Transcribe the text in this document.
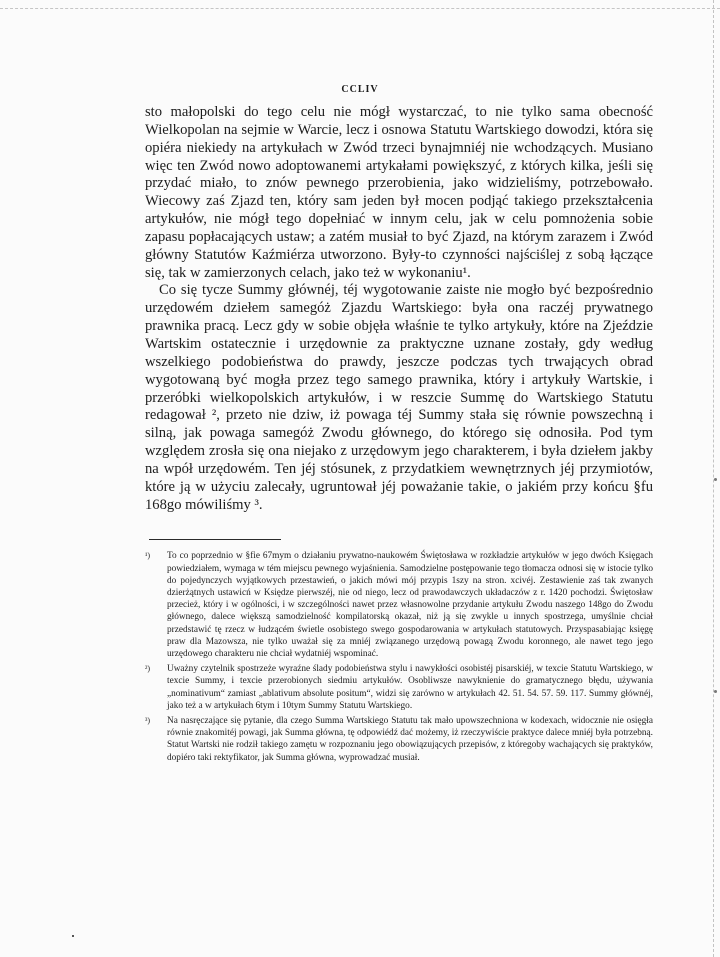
CCLIV

sto małopolski do tego celu nie mógł wystarczać, to nie tylko sama obecność Wielkopolan na sejmie w Warcie, lecz i osnowa Statutu Wartskiego dowodzi, która się opiéra niekiedy na artykułach w Zwód trzeci bynajmniéj nie wchodzących. Musiano więc ten Zwód nowo adoptowanemi artykałami powiększyć, z których kilka, jeśli się przydać miało, to znów pewnego przerobienia, jako widzieliśmy, potrzebowało. Wiecowy zaś Zjazd ten, który sam jeden był mocen podjąć takiego przekształcenia artykułów, nie mógł tego dopełniać w innym celu, jak w celu pomnożenia sobie zapasu popłacających ustaw; a zatém musiał to być Zjazd, na którym zarazem i Zwód główny Statutów Kaźmiérza utworzono. Były-to czynności najściślej z sobą łączące się, tak w zamierzonych celach, jako też w wykonaniu¹.

Co się tycze Summy głównéj, téj wygotowanie zaiste nie mogło być bezpośrednio urzędowém dziełem samegóż Zjazdu Wartskiego: była ona raczéj prywatnego prawnika pracą. Lecz gdy w sobie objęła właśnie te tylko artykuły, które na Zjeździe Wartskim ostatecznie i urzędownie za praktyczne uznane zostały, gdy według wszelkiego podobieństwa do prawdy, jeszcze podczas tych trwających obrad wygotowaną być mogła przez tego samego prawnika, który i artykuły Wartskie, i przeróbki wielkopolskich artykułów, i w reszcie Summę do Wartskiego Statutu redagował ², przeto nie dziw, iż powaga téj Summy stała się równie powszechną i silną, jak powaga samegóż Zwodu głównego, do którego się odnosiła. Pod tym względem zrosła się ona niejako z urzędowym jego charakterem, i była dziełem jakby na wpół urzędowém. Ten jéj stósunek, z przydatkiem wewnętrznych jéj przymiotów, które ją w użyciu zalecały, ugruntował jéj poważanie takie, o jakiém przy końcu §fu 168go mówiliśmy ³.

¹)	To co poprzednio w §fie 67mym o działaniu prywatno-naukowém Świętosława w rozkładzie artykułów w jego dwóch Księgach powiedziałem, wymaga w tém miejscu pewnego wyjaśnienia. Samodzielne postępowanie tego tłomacza odnosi się w istocie tylko do pojedynczych wyjątkowych przestawień, o jakich mówi mój przypis 1szy na stron. xcivéj. Zestawienie zaś tak zwanych dzierżątnych ustawicń w Księdze pierwszéj, nie od niego, lecz od prawodawczych układaczów z r. 1420 pochodzi. Świętosław przecież, który i w ogólności, i w szczególności nawet przez własnowolne przydanie artykułu Zwodu naszego 148go do Zwodu głównego, dalece większą samodzielność kompilatorską okazał, niż ją się zwykle u innych spostrzega, umyślnie chciał przedstawić tę rzecz w łudzącém świetle osobistego swego gospodarowania w artykułach statutowych. Przyspasabiając księgę praw dla Mazowsza, nie tylko uważał się za mniéj związanego urzędową powagą Zwodu koronnego, ale nawet tego jego urzędowego charakteru nie chciał wydatniéj wspominać.
²)	Uważny czytelnik spostrzeże wyraźne ślady podobieństwa stylu i nawykłości osobistéj pisarskiéj, w texcie Statutu Wartskiego, w texcie Summy, i texcie przerobionych siedmiu artykułów. Osobliwsze nawyknienie do gramatycznego błędu, używania „nominativum“ zamiast „ablativum absolute positum“, widzi się zarówno w artykułach 42. 51. 54. 57. 59. 117. Summy głównéj, jako też a w artykułach 6tym i 10tym Summy Statutu Wartskiego.
³)	Na nasręczające się pytanie, dla czego Summa Wartskiego Statutu tak mało upowszechniona w kodexach, widocznie nie osięgła równie znakomitéj powagi, jak Summa główna, tę odpowiédź dać możemy, iż rzeczywiście praktyce dalece mniéj była potrzebną. Statut Wartski nie rodził takiego zamętu w rozpoznaniu jego obowiązujących przepisów, z któregoby wachających się praktyków, dopiéro taki rektyfikator, jak Summa główna, wyprowadzać musiał.
